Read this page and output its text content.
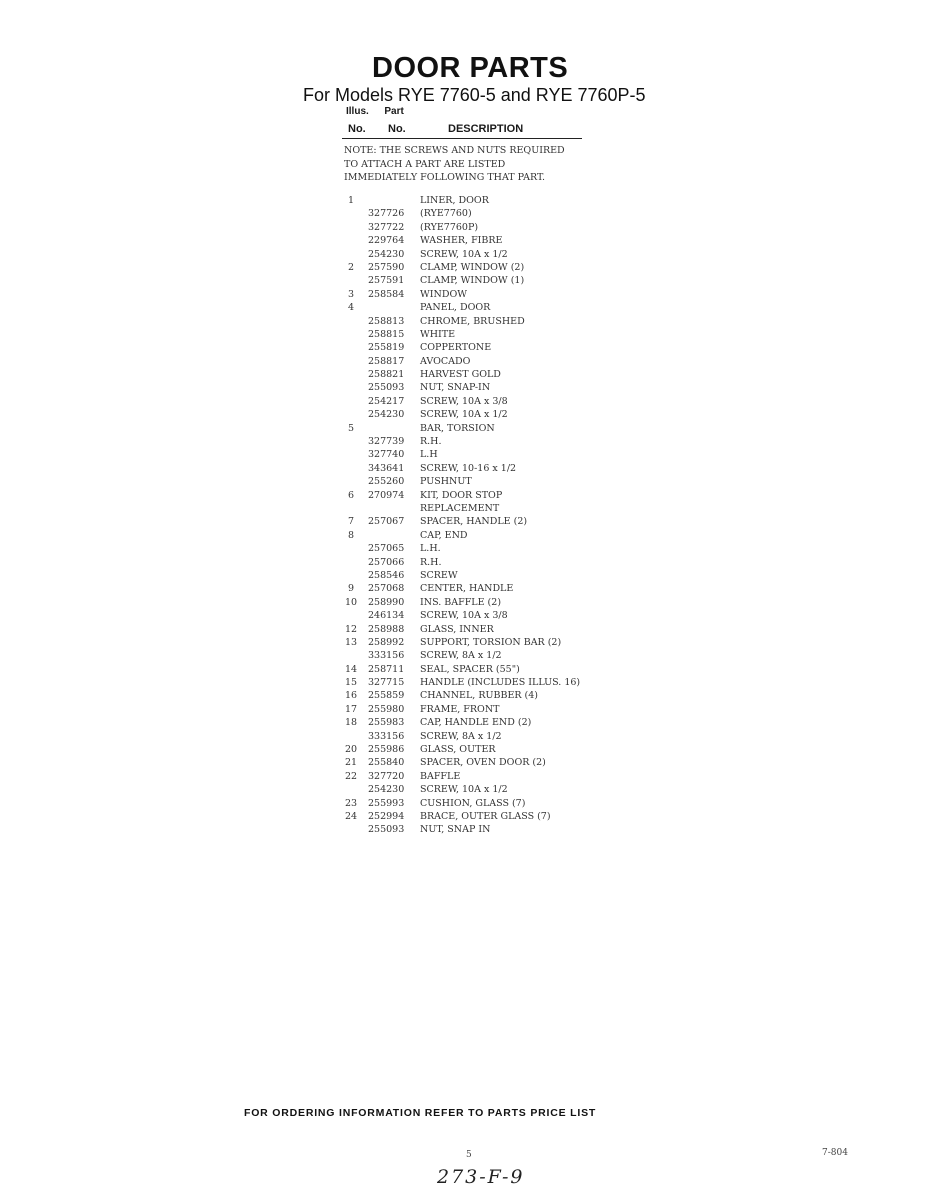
DOOR PARTS
For Models RYE 7760-5 and RYE 7760P-5
Illus. Part
No. No.	DESCRIPTION
NOTE: THE SCREWS AND NUTS REQUIRED
TO ATTACH A PART ARE LISTED
IMMEDIATELY FOLLOWING THAT PART.
1	LINER, DOOR
327726 (RYE7760)
327722 (RYE7760P)
229764 WASHER, FIBRE
254230 SCREW, 10A x 1/2
2	257590 CLAMP, WINDOW (2)
257591 CLAMP, WINDOW (1)
3	258584 WINDOW
4	PANEL, DOOR
258813 CHROME, BRUSHED
258815 WHITE
255819 COPPERTONE
258817 AVOCADO
258821 HARVEST GOLD
255093 NUT, SNAP-IN
254217 SCREW, 10A x 3/8
254230 SCREW, 10A x 1/2
5	BAR, TORSION
327739 R.H.
327740 L.H
343641 SCREW, 10-16 x 1/2
255260 PUSHNUT
6	270974 KIT, DOOR STOP
REPLACEMENT
7	257067 SPACER, HANDLE (2)
8	CAP, END
257065 L.H.
257066 R.H.
258546 SCREW
9	257068 CENTER, HANDLE
10	258990 INS. BAFFLE (2)
246134 SCREW, 10A x 3/8
12	258988 GLASS, INNER
13	258992 SUPPORT, TORSION BAR (2)
333156 SCREW, 8A x 1/2
14	258711 SEAL, SPACER (55")
15	327715 HANDLE (INCLUDES ILLUS. 16)
16	255859 CHANNEL, RUBBER (4)
17	255980 FRAME, FRONT
18	255983 CAP, HANDLE END (2)
333156 SCREW, 8A x 1/2
20	255986 GLASS, OUTER
21	255840 SPACER, OVEN DOOR (2)
22	327720 BAFFLE
254230 SCREW, 10A x 1/2
23	255993 CUSHION, GLASS (7)
24	252994 BRACE, OUTER GLASS (7)
255093 NUT, SNAP IN
FOR ORDERING INFORMATION REFER TO PARTS PRICE LIST
5	7-804
273-F-9
